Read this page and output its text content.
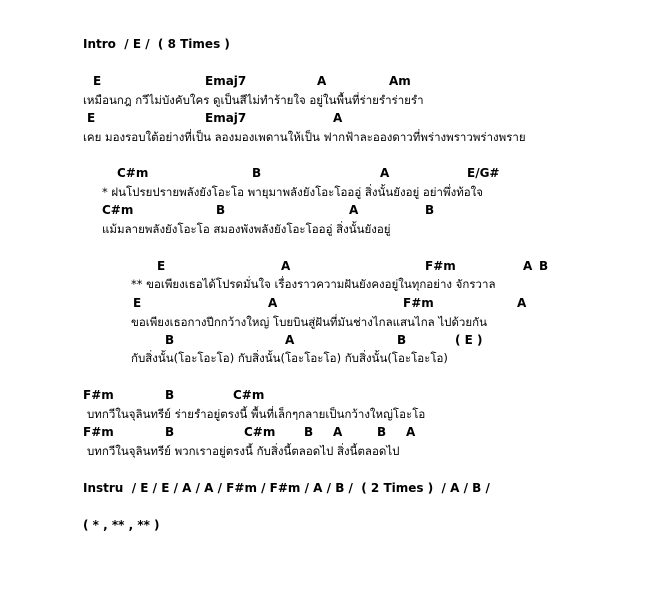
Intro  / E /  ( 8 Times )
E	Emaj7	A	Am
เหมือนกฎ กวีไม่บังคับใคร ดูเป็นสีไม่ทำร้ายใจ อยู่ในพื้นที่ร่ายรำร่ายรำ
E	Emaj7	A
เคย มองรอบใต้อย่างที่เป็น ลองมองเพดานให้เป็น ฟากฟ้าละอองดาวที่พร่างพราวพร่างพราย
C#m	B	A	E/G#
* ฝนโปรยปรายพลังยังโอะโอ พายุมาพลังยังโอะโอออู่ สิ่งนั้นยังอยู่ อย่าพึ่งท้อใจ
C#m	B	A	B
แม้มลายพลังยังโอะโอ สมองพังพลังยังโอะโอออู่ สิ่งนั้นยังอยู่
E	A	F#m	A B
** ขอเพียงเธอได้โปรดมั่นใจ เรื่องราวความฝันยังคงอยู่ในทุกอย่าง จักรวาล
E	A	F#m	A
ขอเพียงเธอกางปีกกว้างใหญ่ โบยบินสู่ฝันที่มันช่างไกลแสนไกล ไปด้วยกัน
B	A	B	( E )
กับสิ่งนั้น(โอะโอะโอ) กับสิ่งนั้น(โอะโอะโอ) กับสิ่งนั้น(โอะโอะโอ)
F#m	B	C#m
บทกวีในจุลินทรีย์ ร่ายรำอยู่ตรงนี้ พื้นที่เล็กๆกลายเป็นกว้างใหญ่โอะโอ
F#m	B	C#m B A	B A
บทกวีในจุลินทรีย์ พวกเราอยู่ตรงนี้ กับสิ่งนี้ตลอดไป สิ่งนี้ตลอดไป
Instru  / E / E / A / A / F#m / F#m / A / B /  ( 2 Times )  / A / B /
( * , ** , ** )
